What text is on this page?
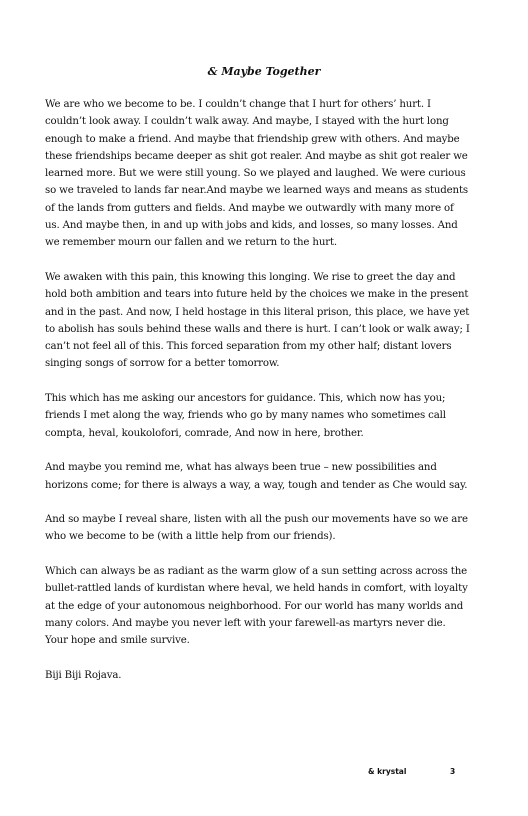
& Maybe Together

We are who we become to be. I couldn’t change that I hurt for others’ hurt. I couldn’t look away. I couldn’t walk away. And maybe, I stayed with the hurt long enough to make a friend. And maybe that friendship grew with others. And maybe these friendships became deeper as shit got realer. And maybe as shit got realer we learned more. But we were still young. So we played and laughed. We were curious so we traveled to lands far near.And maybe we learned ways and means as students of the lands from gutters and fields. And maybe we outwardly with many more of us. And maybe then, in and up with jobs and kids, and losses, so many losses. And we remember mourn our fallen and we return to the hurt.

We awaken with this pain, this knowing this longing. We rise to greet the day and hold both ambition and tears into future held by the choices we make in the present and in the past. And now, I held hostage in this literal prison, this place, we have yet to abolish has souls behind these walls and there is hurt. I can’t look or walk away; I can’t not feel all of this. This forced separation from my other half; distant lovers singing songs of sorrow for a better tomorrow.

This which has me asking our ancestors for guidance. This, which now has you; friends I met along the way, friends who go by many names who sometimes call compta, heval, koukolofori, comrade, And now in here, brother.

And maybe you remind me, what has always been true – new possibilities and horizons come; for there is always a way, a way, tough and tender as Che would say.

And so maybe I reveal share, listen with all the push our movements have so we are who we become to be (with a little help from our friends).

Which can always be as radiant as the warm glow of a sun setting across across the bullet-rattled lands of kurdistan where heval, we held hands in comfort, with loyalty at the edge of your autonomous neighborhood. For our world has many worlds and many colors. And maybe you never left with your farewell-as martyrs never die. Your hope and smile survive.

Biji Biji Rojava.

& krystal	3
